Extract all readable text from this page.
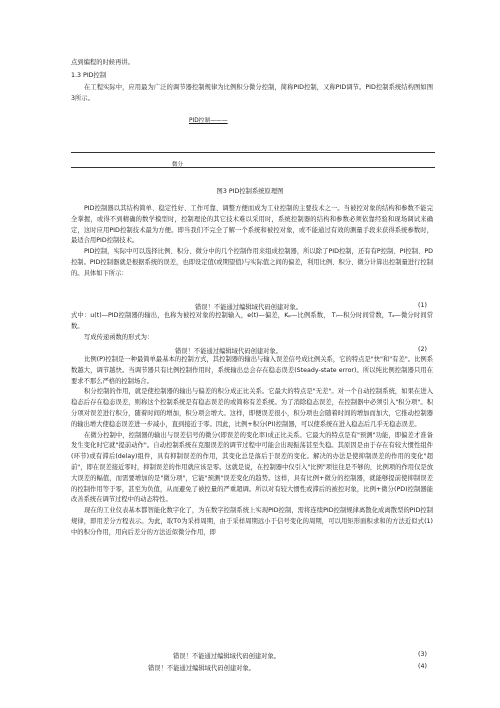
点到编程的时候再讲。
1.3 PID控制

在工程实际中，应用最为广泛的调节器控制规律为比例积分微分控制，简称PID控制，又称PID调节。PID控制系统结构图如图3所示。

PID控制———
微分
图3 PID控制系统原理图

PID控制器以其结构简单、稳定性好、工作可靠、调整方便而成为工业控制的主要技术之一。当被控对象的结构和参数不能完全掌握，或得不到精确的数学模型时，控制理论的其它技术难以采用时，系统控制器的结构和参数必须依靠经验和现场调试来确定，这时应用PID控制技术最为方便。即当我们不完全了解一个系统和被控对象，或不能通过有效的测量手段来获得系统参数时，最适合用PID控制技术。

PID控制，实际中可以选择比例、积分、微分中的几个控制作用来组成控制器，所以除了PID控制，还有有P控制、PI控制、PD控制。PID控制器就是根据系统的误差，也即设定值(或期望值)与实际值之间的偏差，利用比例、积分、微分计算出控制量进行控制的。具体如下所示：

错误！不能通过编辑域代码创建对象。	(1)

式中：u(t)—PID控制器的输出，也称为被控对象的控制输入，e(t)—偏差，Kₚ—比例系数， Tᵢ—积分时间常数，Tₐ—微分时间常数。

写成传递函数的形式为：
错误！不能通过编辑域代码创建对象。	(2)

比例(P)控制是一种最简单最基本的控制方式，其控制器的输出与输入误差信号成比例关系，它的特点是"快"和"有差"。比例系数越大，调节越快。当调节器只有比例控制作用时，系统输出总会存在稳态误差(Steady-state error)。所以纯比例控制器只用在要求不那么严格的控制场合。

积分控制的作用，就是使控制器的输出与偏差的积分成正比关系。它最大的特点是"无差"。对一个自动控制系统，如果在进入稳态后存在稳态误差，则称这个控制系统是有稳态误差的或简称有差系统。为了消除稳态误差，在控制器中必须引入"积分项"。积分项对误差进行积分，随着时间的增加，积分项会增大。这样，即便误差很小，积分项也会随着时间的增加而加大，它推动控制器的输出增大使稳态误差进一步减小，直到接近于零。因此，比例+积分(PI)控制器，可以使系统在进入稳态后几乎无稳态误差。

在微分控制中，控制器的输出与误差信号的微分(即误差的变化率)成正比关系。它最大的特点是有"预测"功能，即偏差才准备发生变化时它就"提前动作"。自动控制系统在克服误差的调节过程中可能会出现振荡甚至失稳。其原因是由于存在有较大惯性组件(环节)或有滞后(delay)组件，具有抑制误差的作用，其变化总是落后于误差的变化。解决的办法是使抑制误差的作用的变化"超前"，即在误差接近零时，抑制误差的作用就应该是零。这就是说，在控制器中仅引入"比例"项往往是不够的，比例项的作用仅是放大误差的幅值，而需要增加的是"微分项"，它能"预测"误差变化的趋势。这样，具有比例+微分的控制器，就能够提前使抑制误差的控制作用等于零，甚至为负值，从而避免了被控量的严重超调。所以对有较大惯性或滞后的被控对象，比例+微分(PD)控制器能改善系统在调节过程中的动态特性。

现在的工业仪表基本都智能化数字化了，为在数字控制系统上实现PID控制，需将连续PID控制规律离散化成离散型的PID控制规律，即用差分方程表示。为此，取T0为采样周期，由于采样周期远小于信号变化的周期，可以用矩形面积求和的方法近似式(1)中的积分作用，用向后差分的方法近似微分作用，即

错误！不能通过编辑域代码创建对象。	(3)
错误！不能通过编辑域代码创建对象。	(4)
